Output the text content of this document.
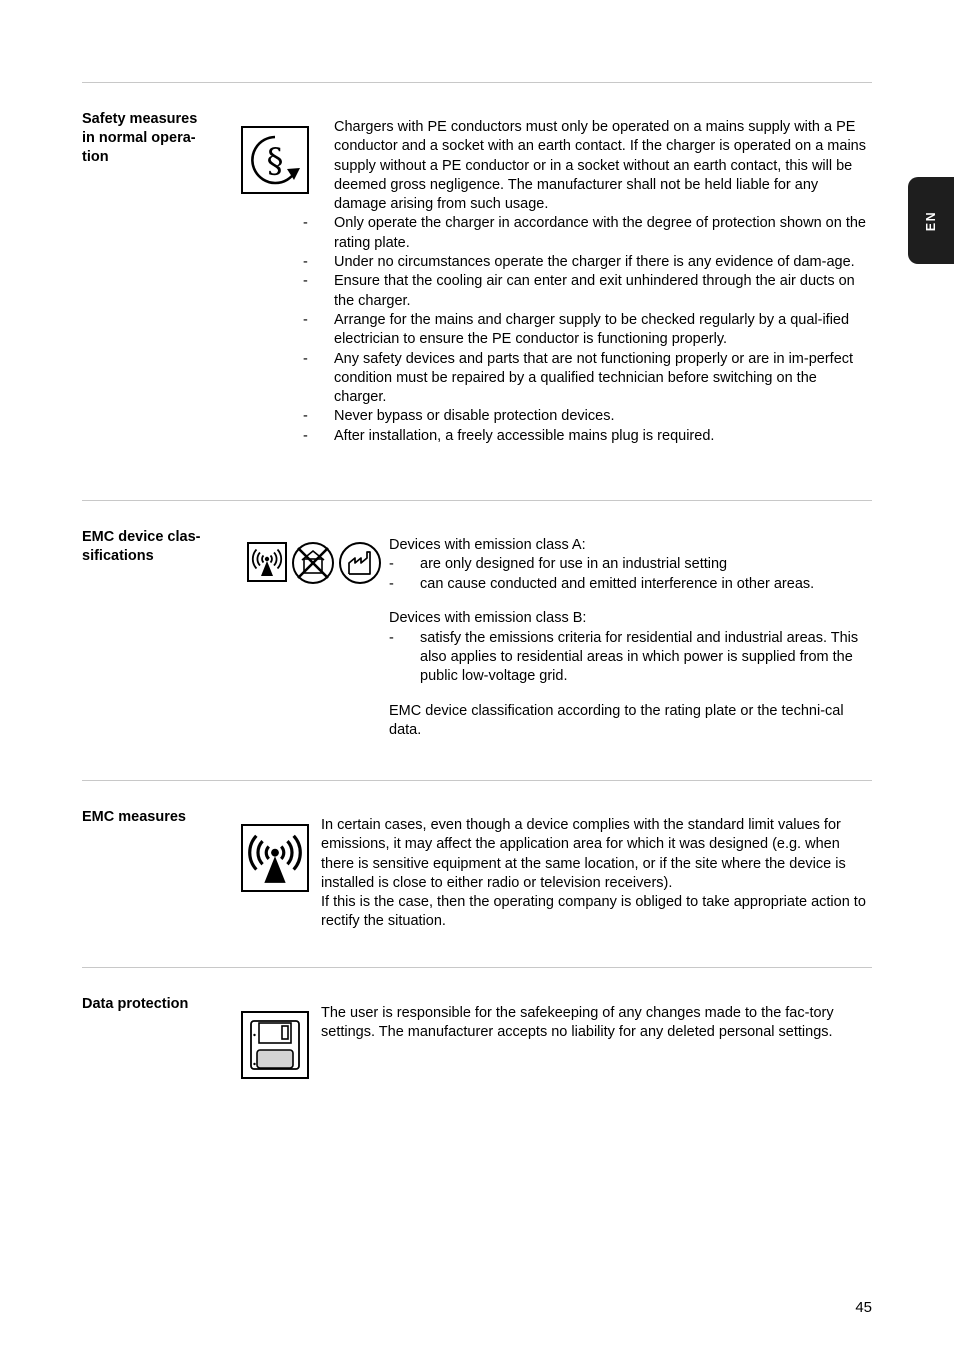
EN
Safety measures
in normal opera-
tion	§

Chargers with PE conductors must only be operated on a mains supply with a PE conductor and a socket with an earth contact. If the charger is operated on a mains supply without a PE conductor or in a socket without an earth contact, this will be deemed gross negligence. The manufacturer shall not be held liable for any damage arising from such usage.

- Only operate the charger in accordance with the degree of protection shown on the rating plate.
- Under no circumstances operate the charger if there is any evidence of dam-age.
- Ensure that the cooling air can enter and exit unhindered through the air ducts on the charger.
- Arrange for the mains and charger supply to be checked regularly by a qual-ified electrician to ensure the PE conductor is functioning properly.
- Any safety devices and parts that are not functioning properly or are in im-perfect condition must be repaired by a qualified technician before switching on the charger.
- Never bypass or disable protection devices.
- After installation, a freely accessible mains plug is required.
EMC device clas-
sifications

Devices with emission class A:

- are only designed for use in an industrial setting
- can cause conducted and emitted interference in other areas.

Devices with emission class B:

- satisfy the emissions criteria for residential and industrial areas. This also applies to residential areas in which power is supplied from the public low-voltage grid.

EMC device classification according to the rating plate or the techni-cal data.

EMC measures	In certain cases, even though a device complies with the standard limit values for emissions, it may affect the application area for which it was designed (e.g. when there is sensitive equipment at the same location, or if the site where the device is installed is close to either radio or television receivers).

If this is the case, then the operating company is obliged to take appropriate action to rectify the situation.

Data protection

The user is responsible for the safekeeping of any changes made to the fac-tory settings. The manufacturer accepts no liability for any deleted personal settings.

45
